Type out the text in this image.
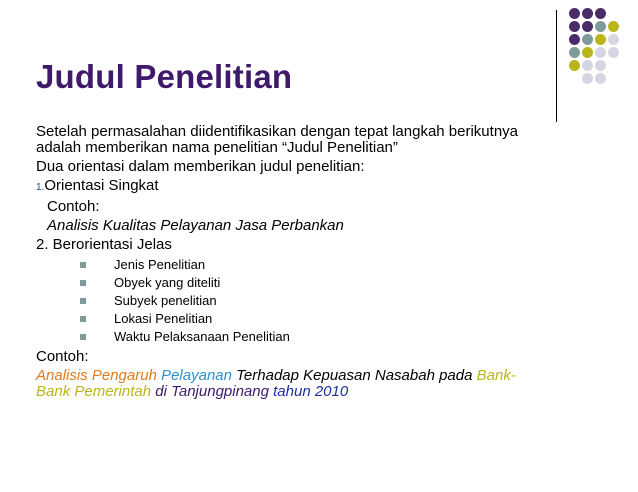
Judul Penelitian

Setelah permasalahan diidentifikasikan dengan tepat langkah berikutnya

adalah memberikan nama penelitian “Judul Penelitian”

Dua orientasi dalam memberikan judul penelitian:

1.Orientasi Singkat

Contoh:

Analisis Kualitas Pelayanan Jasa Perbankan

2. Berorientasi Jelas

Jenis Penelitian
Obyek yang diteliti
Subyek penelitian
Lokasi Penelitian
Waktu Pelaksanaan Penelitian

Contoh:

Analisis Pengaruh Pelayanan Terhadap Kepuasan Nasabah pada Bank-
Bank Pemerintah di Tanjungpinang tahun 2010
